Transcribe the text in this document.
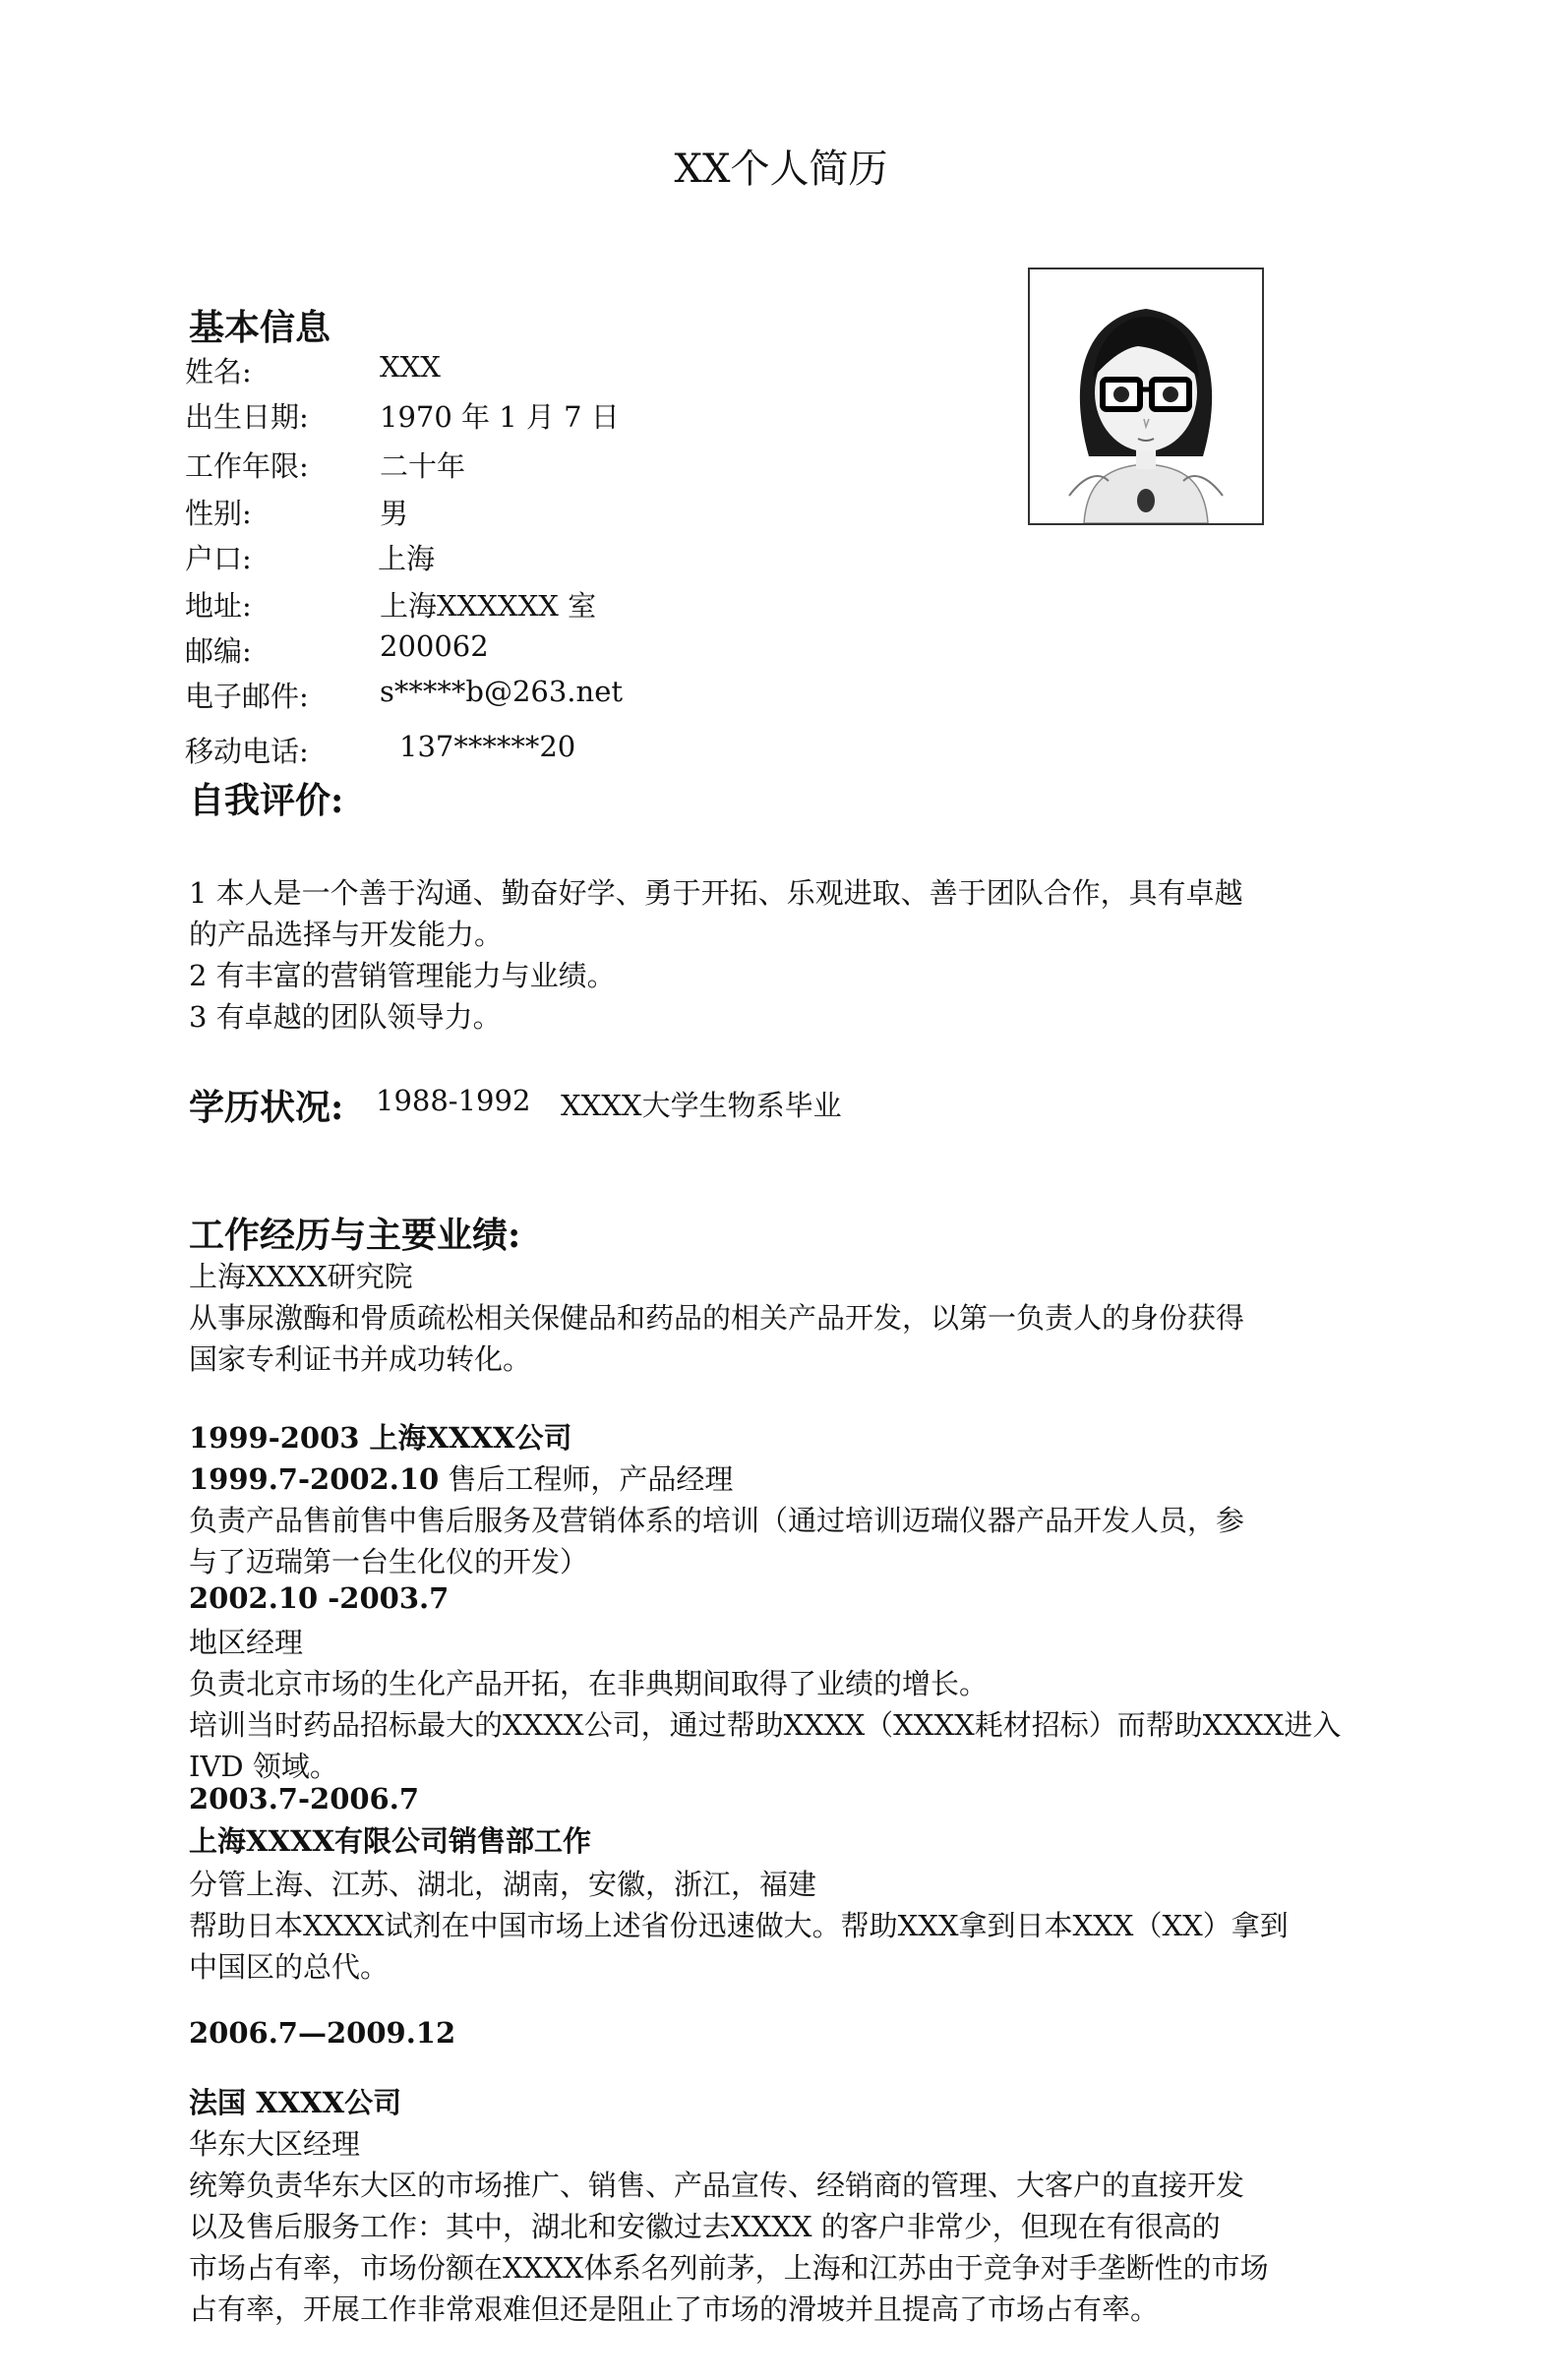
XX个人简历
基本信息
姓名:	XXX
出生日期: 1970 年 1 月 7 日
工作年限: 二十年
性别:	男
户口:	上海
地址:	上海XXXXXX 室
邮编:	200062
电子邮件: s*****b@263.net
移动电话:	137******20
自我评价:
1 本人是一个善于沟通、勤奋好学、勇于开拓、乐观进取、善于团队合作，具有卓越
的产品选择与开发能力。
2 有丰富的营销管理能力与业绩。
3 有卓越的团队领导力。
学历状况: 1988-1992 XXXX大学生物系毕业
工作经历与主要业绩:
上海XXXX研究院
从事尿激酶和骨质疏松相关保健品和药品的相关产品开发，以第一负责人的身份获得
国家专利证书并成功转化。
1999-2003 上海XXXX公司
1999.7-2002.10 售后工程师，产品经理
负责产品售前售中售后服务及营销体系的培训（通过培训迈瑞仪器产品开发人员，参
与了迈瑞第一台生化仪的开发）
2002.10 -2003.7
地区经理
负责北京市场的生化产品开拓，在非典期间取得了业绩的增长。
培训当时药品招标最大的XXXX公司，通过帮助XXXX（XXXX耗材招标）而帮助XXXX进入
IVD 领域。
2003.7-2006.7
上海XXXX有限公司销售部工作
分管上海、江苏、湖北，湖南，安徽，浙江，福建
帮助日本XXXX试剂在中国市场上述省份迅速做大。帮助XXX拿到日本XXX（XX）拿到
中国区的总代。
2006.7—2009.12
法国 XXXX公司
华东大区经理
统筹负责华东大区的市场推广、销售、产品宣传、经销商的管理、大客户的直接开发
以及售后服务工作：其中，湖北和安徽过去XXXX 的客户非常少，但现在有很高的
市场占有率，市场份额在XXXX体系名列前茅，上海和江苏由于竞争对手垄断性的市场
占有率，开展工作非常艰难但还是阻止了市场的滑坡并且提高了市场占有率。
